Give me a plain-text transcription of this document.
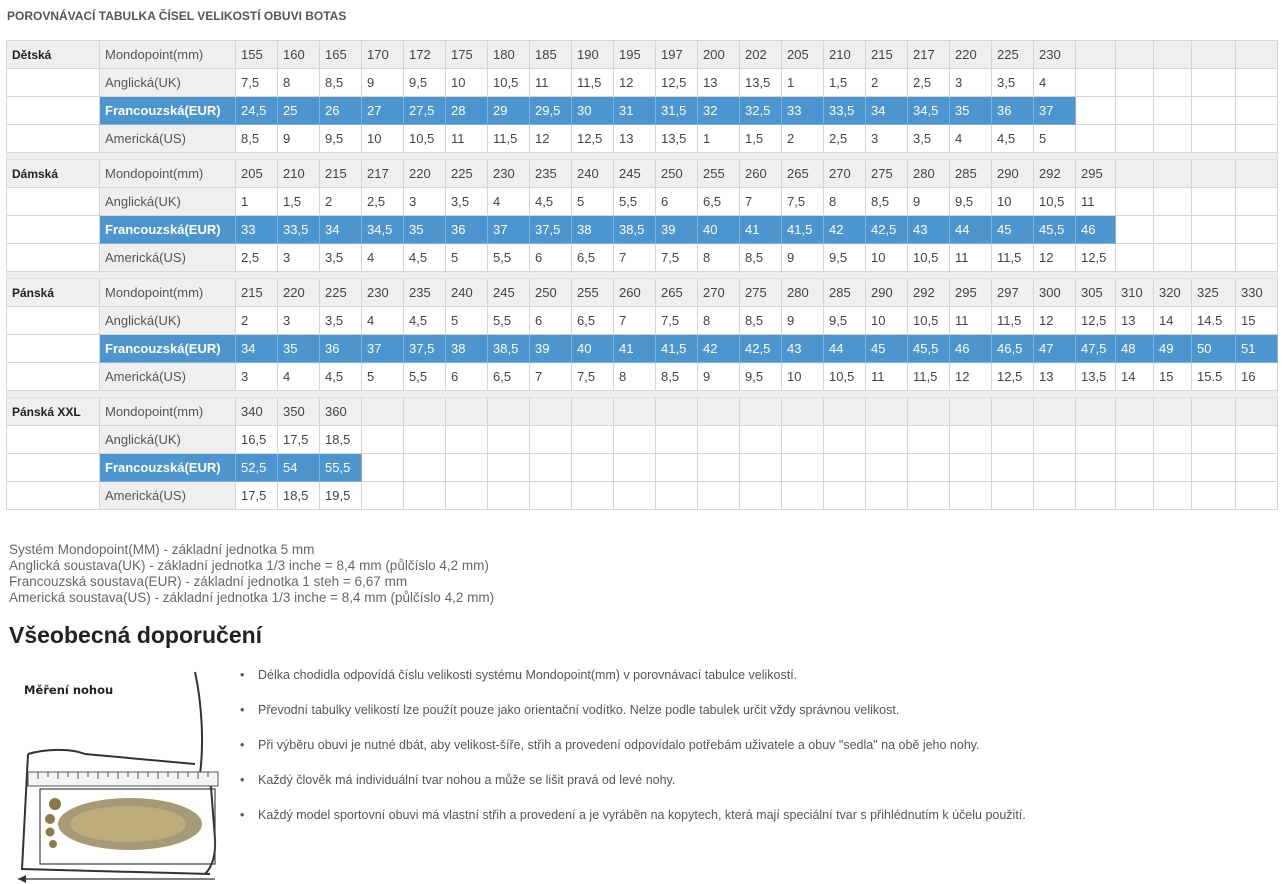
POROVNÁVACÍ TABULKA ČÍSEL VELIKOSTÍ OBUVI BOTAS
Dětská	Mondopoint(mm)	155	160	165	170	172	175	180	185	190	195	197	200	202	205	210	215	217	220	225	230					
	Anglická(UK)	7,5	8	8,5	9	9,5	10	10,5	11	11,5	12	12,5	13	13,5	1	1,5	2	2,5	3	3,5	4					
	Francouzská(EUR)	24,5	25	26	27	27,5	28	29	29,5	30	31	31,5	32	32,5	33	33,5	34	34,5	35	36	37					
	Americká(US)	8,5	9	9,5	10	10,5	11	11,5	12	12,5	13	13,5	1	1,5	2	2,5	3	3,5	4	4,5	5					

Dámská	Mondopoint(mm)	205	210	215	217	220	225	230	235	240	245	250	255	260	265	270	275	280	285	290	292	295				
	Anglická(UK)	1	1,5	2	2,5	3	3,5	4	4,5	5	5,5	6	6,5	7	7,5	8	8,5	9	9,5	10	10,5	11				
	Francouzská(EUR)	33	33,5	34	34,5	35	36	37	37,5	38	38,5	39	40	41	41,5	42	42,5	43	44	45	45,5	46				
	Americká(US)	2,5	3	3,5	4	4,5	5	5,5	6	6,5	7	7,5	8	8,5	9	9,5	10	10,5	11	11,5	12	12,5				

Pánská	Mondopoint(mm)	215	220	225	230	235	240	245	250	255	260	265	270	275	280	285	290	292	295	297	300	305	310	320	325	330
	Anglická(UK)	2	3	3,5	4	4,5	5	5,5	6	6,5	7	7,5	8	8,5	9	9,5	10	10,5	11	11,5	12	12,5	13	14	14.5	15
	Francouzská(EUR)	34	35	36	37	37,5	38	38,5	39	40	41	41,5	42	42,5	43	44	45	45,5	46	46,5	47	47,5	48	49	50	51
	Americká(US)	3	4	4,5	5	5,5	6	6,5	7	7,5	8	8,5	9	9,5	10	10,5	11	11,5	12	12,5	13	13,5	14	15	15.5	16

Pánská XXL	Mondopoint(mm)	340	350	360																						
	Anglická(UK)	16,5	17,5	18,5																						
	Francouzská(EUR)	52,5	54	55,5																						
	Americká(US)	17,5	18,5	19,5																						
Systém Mondopoint(MM) - základní jednotka 5 mm
Anglická soustava(UK) - základní jednotka 1/3 inche = 8,4 mm (půlčíslo 4,2 mm)
Francouzská soustava(EUR) - základní jednotka 1 steh = 6,67 mm
Americká soustava(US) - základní jednotka 1/3 inche = 8,4 mm (půlčíslo 4,2 mm)
Všeobecná doporučení
Měření nohou
• Délka chodidla odpovídá číslu velikosti systému Mondopoint(mm) v porovnávací tabulce velikostí.
• Převodní tabulky velikostí lze použít pouze jako orientační vodítko. Nelze podle tabulek určit vždy správnou velikost.
• Při výběru obuvi je nutné dbát, aby velikost-šíře, střih a provedení odpovídalo potřebám uživatele a obuv "sedla" na obě jeho nohy.
• Každý člověk má individuální tvar nohou a může se lišit pravá od levé nohy.
• Každý model sportovní obuvi má vlastní střih a provedení a je vyráběn na kopytech, která mají speciální tvar s přihlédnutím k účelu použití.
